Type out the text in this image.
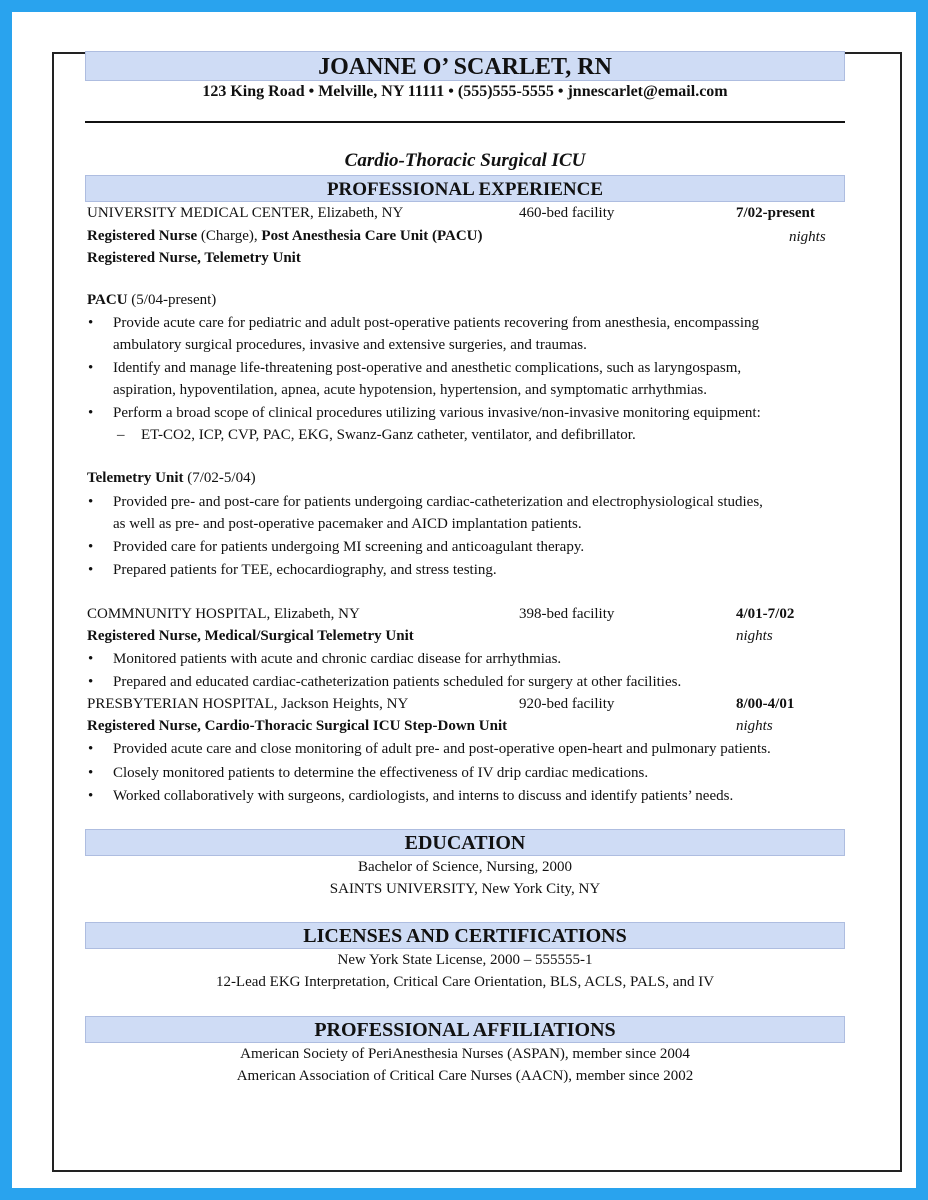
JOANNE O’ SCARLET, RN
123 King Road • Melville, NY 11111 • (555)555-5555 • jnnescarlet@email.com
Cardio-Thoracic Surgical ICU
PROFESSIONAL EXPERIENCE
UNIVERSITY MEDICAL CENTER, Elizabeth, NY	460-bed facility	7/02-present
Registered Nurse (Charge), Post Anesthesia Care Unit (PACU)	nights
Registered Nurse, Telemetry Unit
PACU (5/04-present)
• Provide acute care for pediatric and adult post-operative patients recovering from anesthesia, encompassing
ambulatory surgical procedures, invasive and extensive surgeries, and traumas.
• Identify and manage life-threatening post-operative and anesthetic complications, such as laryngospasm,
aspiration, hypoventilation, apnea, acute hypotension, hypertension, and symptomatic arrhythmias.
• Perform a broad scope of clinical procedures utilizing various invasive/non-invasive monitoring equipment:
– ET-CO2, ICP, CVP, PAC, EKG, Swanz-Ganz catheter, ventilator, and defibrillator.
Telemetry Unit (7/02-5/04)
• Provided pre- and post-care for patients undergoing cardiac-catheterization and electrophysiological studies,
as well as pre- and post-operative pacemaker and AICD implantation patients.
• Provided care for patients undergoing MI screening and anticoagulant therapy.
• Prepared patients for TEE, echocardiography, and stress testing.
COMMNUNITY HOSPITAL, Elizabeth, NY	398-bed facility	4/01-7/02
Registered Nurse, Medical/Surgical Telemetry Unit	nights
• Monitored patients with acute and chronic cardiac disease for arrhythmias.
• Prepared and educated cardiac-catheterization patients scheduled for surgery at other facilities.
PRESBYTERIAN HOSPITAL, Jackson Heights, NY	920-bed facility	8/00-4/01
Registered Nurse, Cardio-Thoracic Surgical ICU Step-Down Unit	nights
• Provided acute care and close monitoring of adult pre- and post-operative open-heart and pulmonary patients.
• Closely monitored patients to determine the effectiveness of IV drip cardiac medications.
• Worked collaboratively with surgeons, cardiologists, and interns to discuss and identify patients’ needs.
EDUCATION
Bachelor of Science, Nursing, 2000
SAINTS UNIVERSITY, New York City, NY
LICENSES AND CERTIFICATIONS
New York State License, 2000 – 555555-1
12-Lead EKG Interpretation, Critical Care Orientation, BLS, ACLS, PALS, and IV
PROFESSIONAL AFFILIATIONS
American Society of PeriAnesthesia Nurses (ASPAN), member since 2004
American Association of Critical Care Nurses (AACN), member since 2002
